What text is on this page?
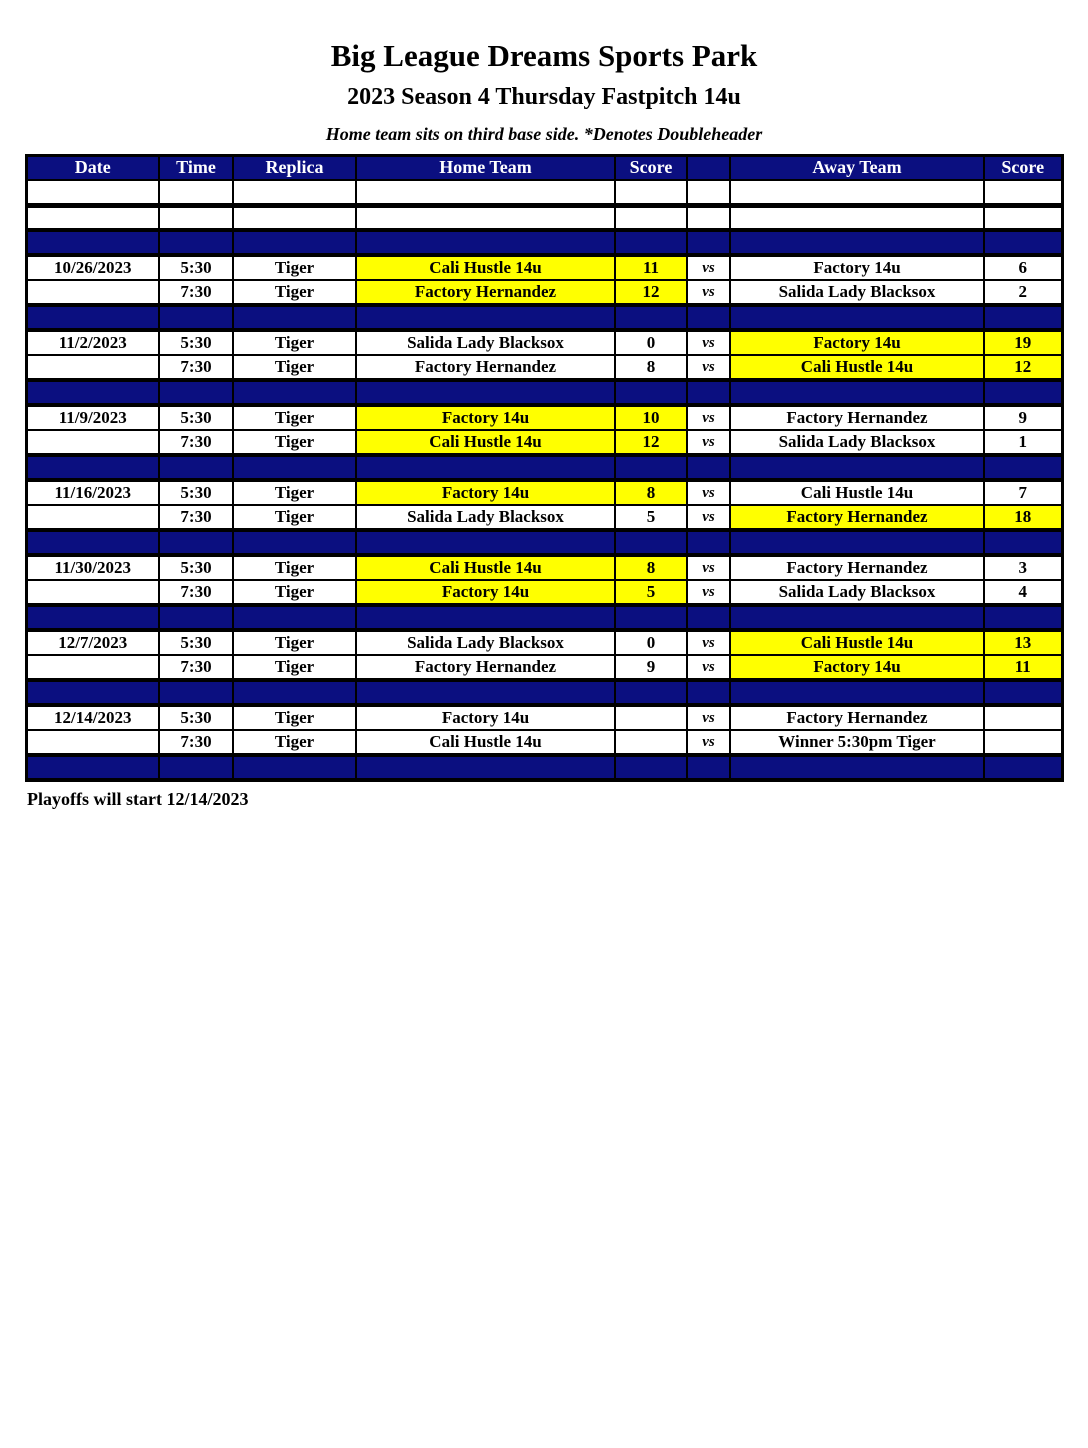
Big League Dreams Sports Park
2023 Season 4 Thursday Fastpitch 14u
Home team sits on third base side. *Denotes Doubleheader
Date	Time	Replica	Home Team	Score		Away Team	Score

10/26/2023	5:30	Tiger	Cali Hustle 14u	11	vs	Factory 14u	6
	7:30	Tiger	Factory Hernandez	12	vs	Salida Lady Blacksox	2

11/2/2023	5:30	Tiger	Salida Lady Blacksox	0	vs	Factory 14u	19
	7:30	Tiger	Factory Hernandez	8	vs	Cali Hustle 14u	12

11/9/2023	5:30	Tiger	Factory 14u	10	vs	Factory Hernandez	9
	7:30	Tiger	Cali Hustle 14u	12	vs	Salida Lady Blacksox	1

11/16/2023	5:30	Tiger	Factory 14u	8	vs	Cali Hustle 14u	7
	7:30	Tiger	Salida Lady Blacksox	5	vs	Factory Hernandez	18

11/30/2023	5:30	Tiger	Cali Hustle 14u	8	vs	Factory Hernandez	3
	7:30	Tiger	Factory 14u	5	vs	Salida Lady Blacksox	4

12/7/2023	5:30	Tiger	Salida Lady Blacksox	0	vs	Cali Hustle 14u	13
	7:30	Tiger	Factory Hernandez	9	vs	Factory 14u	11

12/14/2023	5:30	Tiger	Factory 14u		vs	Factory Hernandez	
	7:30	Tiger	Cali Hustle 14u		vs	Winner 5:30pm Tiger	

Playoffs will start 12/14/2023
